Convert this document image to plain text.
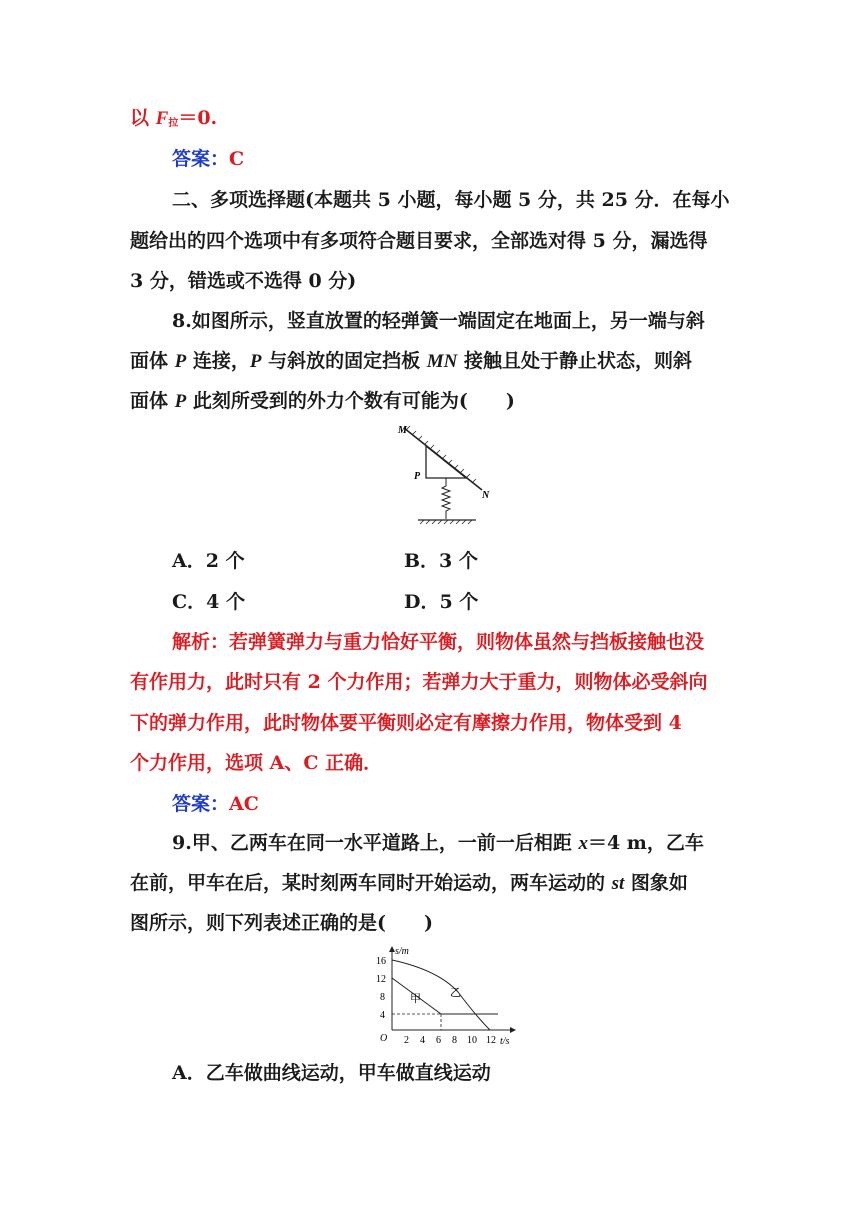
以 $F_拉=0$.
答案：C
二、多项选择题(本题共 5 小题，每小题 5 分，共 25 分．在每小
题给出的四个选项中有多项符合题目要求，全部选对得 5 分，漏选得
3 分，错选或不选得 0 分)
8.如图所示，竖直放置的轻弹簧一端固定在地面上，另一端与斜
面体 P 连接，P 与斜放的固定挡板 MN 接触且处于静止状态，则斜
面体 P 此刻所受到的外力个数有可能为(　　)
M
P
N
A．2 个	B．3 个
C．4 个	D．5 个
解析：若弹簧弹力与重力恰好平衡，则物体虽然与挡板接触也没
有作用力，此时只有 2 个力作用；若弹力大于重力，则物体必受斜向
下的弹力作用，此时物体要平衡则必定有摩擦力作用，物体受到 4
个力作用，选项 A、C 正确．
答案：AC
9.甲、乙两车在同一水平道路上，一前一后相距 x＝4 m，乙车
在前，甲车在后，某时刻两车同时开始运动，两车运动的 st 图象如
图所示，则下列表述正确的是(　　)
s/m
t/s
O
16
12
8
4
2 4 6 8 10 12
甲	乙
A．乙车做曲线运动，甲车做直线运动
